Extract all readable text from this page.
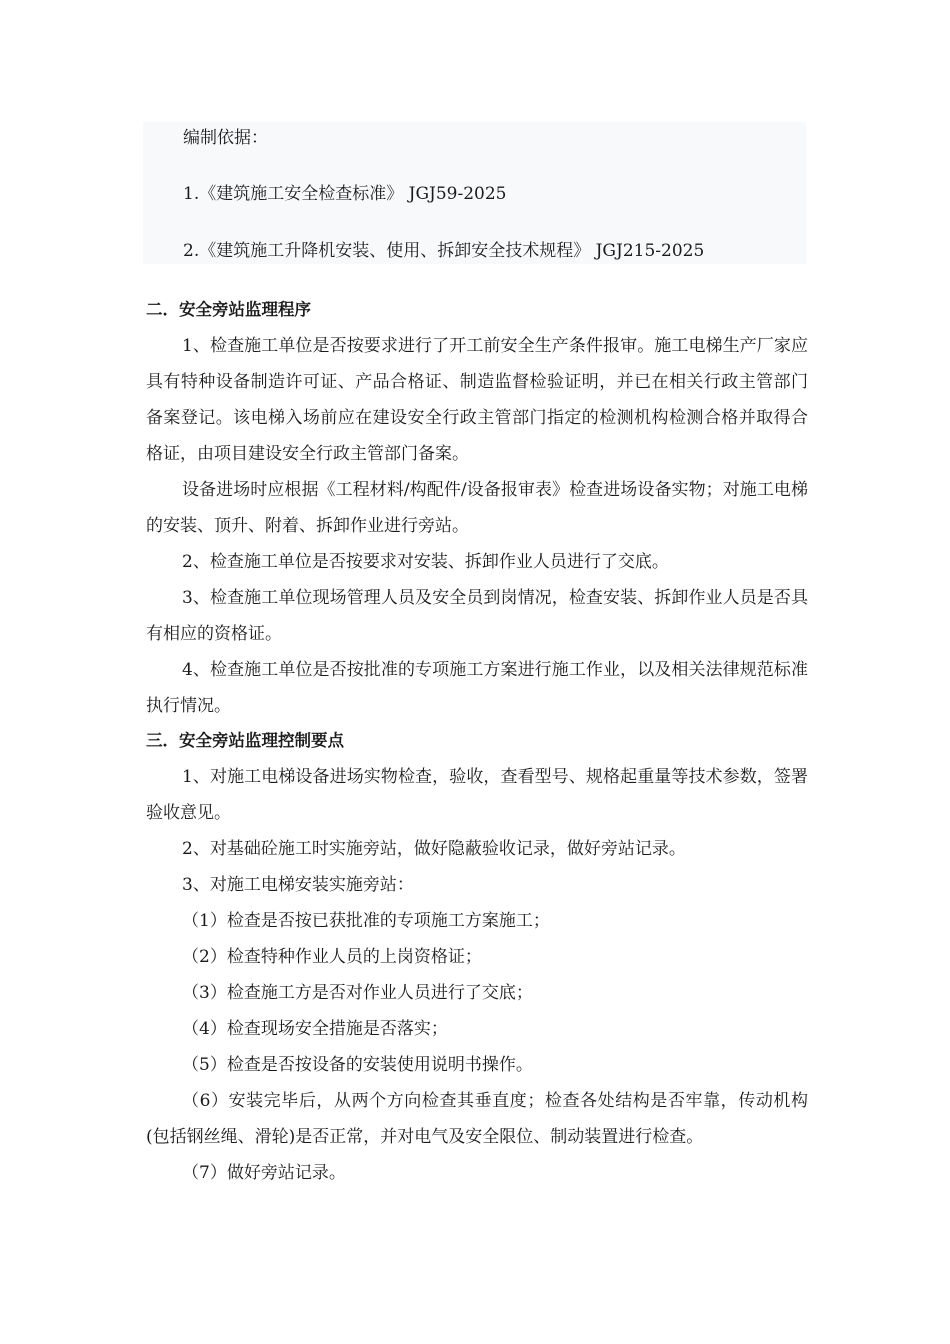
编制依据：
1.《建筑施工安全检查标准》 JGJ59-2025
2.《建筑施工升降机安装、使用、拆卸安全技术规程》 JGJ215-2025

二．安全旁站监理程序

1、检查施工单位是否按要求进行了开工前安全生产条件报审。施工电梯生产厂家应具有特种设备制造许可证、产品合格证、制造监督检验证明，并已在相关行政主管部门备案登记。该电梯入场前应在建设安全行政主管部门指定的检测机构检测合格并取得合格证，由项目建设安全行政主管部门备案。

设备进场时应根据《工程材料/构配件/设备报审表》检查进场设备实物；对施工电梯的安装、顶升、附着、拆卸作业进行旁站。

2、检查施工单位是否按要求对安装、拆卸作业人员进行了交底。

3、检查施工单位现场管理人员及安全员到岗情况，检查安装、拆卸作业人员是否具有相应的资格证。

4、检查施工单位是否按批准的专项施工方案进行施工作业，以及相关法律规范标准执行情况。

三．安全旁站监理控制要点

1、对施工电梯设备进场实物检查，验收，查看型号、规格起重量等技术参数，签署验收意见。

2、对基础砼施工时实施旁站，做好隐蔽验收记录，做好旁站记录。

3、对施工电梯安装实施旁站：

（1）检查是否按已获批准的专项施工方案施工；

（2）检查特种作业人员的上岗资格证；

（3）检查施工方是否对作业人员进行了交底；

（4）检查现场安全措施是否落实；

（5）检查是否按设备的安装使用说明书操作。

（6）安装完毕后，从两个方向检查其垂直度；检查各处结构是否牢靠，传动机构(包括钢丝绳、滑轮)是否正常，并对电气及安全限位、制动装置进行检查。

（7）做好旁站记录。
